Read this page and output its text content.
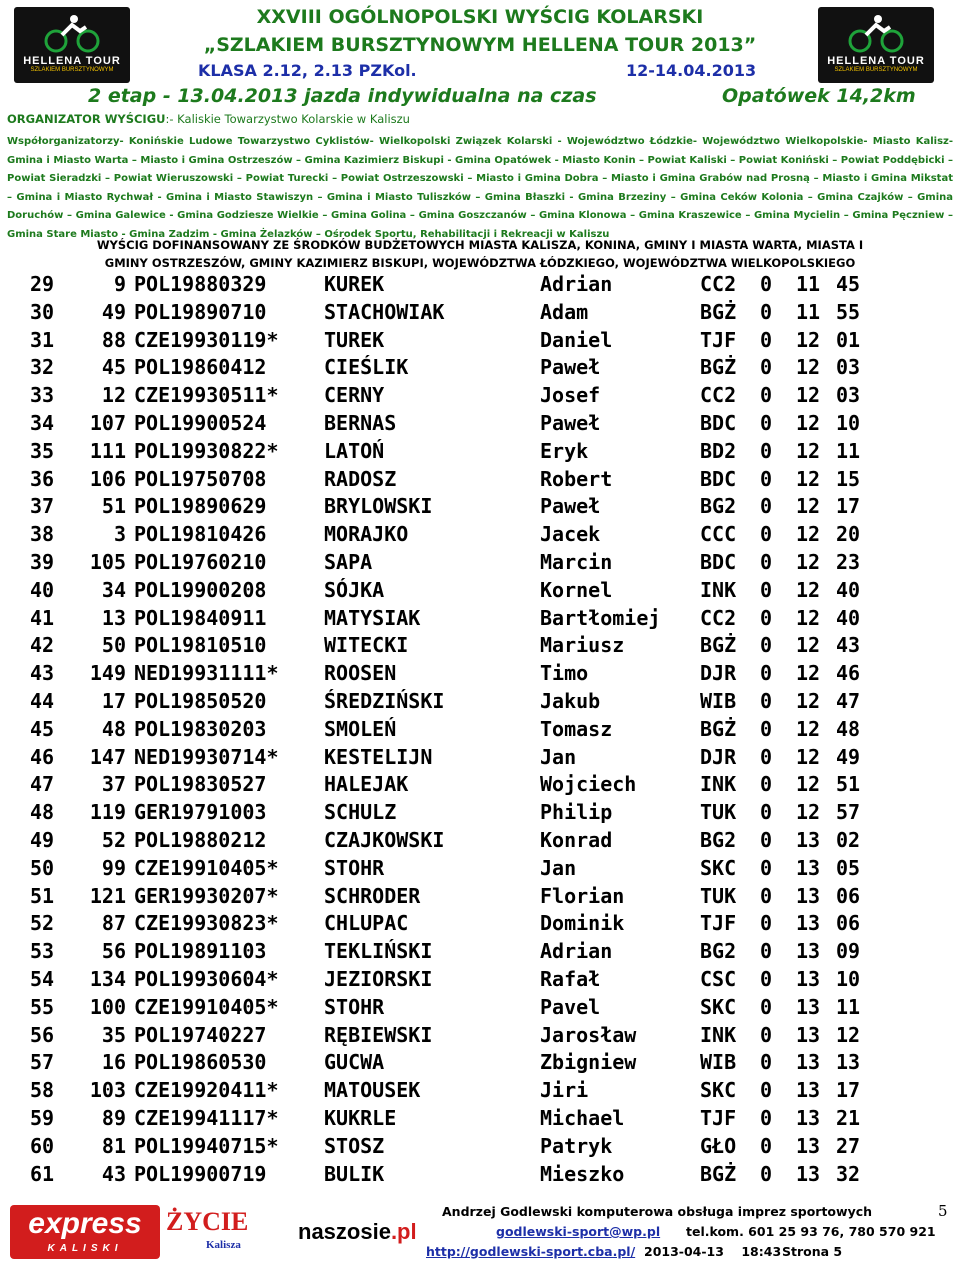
HELLENA TOUR
SZLAKIEM BURSZTYNOWYM
HELLENA TOUR
SZLAKIEM BURSZTYNOWYM
XXVIII OGÓLNOPOLSKI WYŚCIG KOLARSKI
„SZLAKIEM BURSZTYNOWYM HELLENA TOUR 2013”
KLASA 2.12, 2.13 PZKol.	12-14.04.2013
2 etap - 13.04.2013 jazda indywidualna na czas	Opatówek 14,2km
ORGANIZATOR WYŚCIGU:- Kaliskie Towarzystwo Kolarskie w Kaliszu
Współorganizatorzy- Konińskie Ludowe Towarzystwo Cyklistów- Wielkopolski Związek Kolarski - Województwo Łódzkie- Województwo Wielkopolskie- Miasto Kalisz- Gmina i Miasto Warta – Miasto i Gmina Ostrzeszów – Gmina Kazimierz Biskupi - Gmina Opatówek - Miasto Konin – Powiat Kaliski – Powiat Koniński – Powiat Poddębicki – Powiat Sieradzki – Powiat Wieruszowski – Powiat Turecki – Powiat Ostrzeszowski – Miasto i Gmina Dobra – Miasto i Gmina Grabów nad Prosną – Miasto i Gmina Mikstat – Gmina i Miasto Rychwał - Gmina i Miasto Stawiszyn – Gmina i Miasto Tuliszków – Gmina Błaszki - Gmina Brzeziny – Gmina Ceków Kolonia – Gmina Czajków – Gmina Doruchów – Gmina Galewice - Gmina Godziesze Wielkie – Gmina Golina – Gmina Goszczanów – Gmina Klonowa – Gmina Kraszewice – Gmina Mycielin – Gmina Pęczniew – Gmina Stare Miasto - Gmina Zadzim - Gmina Żelazków – Ośrodek Sportu, Rehabilitacji i Rekreacji w Kaliszu
WYŚCIG DOFINANSOWANY ZE ŚRODKÓW BUDŻETOWYCH MIASTA KALISZA, KONINA, GMINY I MIASTA WARTA, MIASTA I
GMINY OSTRZESZÓW, GMINY KAZIMIERZ BISKUPI, WOJEWÓDZTWA ŁÓDZKIEGO, WOJEWÓDZTWA WIELKOPOLSKIEGO
29	9	POL19880329	KUREK	Adrian	CC2	0	11	45
30	49	POL19890710	STACHOWIAK	Adam	BGŻ	0	11	55
31	88	CZE19930119*	TUREK	Daniel	TJF	0	12	01
32	45	POL19860412	CIEŚLIK	Paweł	BGŻ	0	12	03
33	12	CZE19930511*	CERNY	Josef	CC2	0	12	03
34	107	POL19900524	BERNAS	Paweł	BDC	0	12	10
35	111	POL19930822*	LATOŃ	Eryk	BD2	0	12	11
36	106	POL19750708	RADOSZ	Robert	BDC	0	12	15
37	51	POL19890629	BRYLOWSKI	Paweł	BG2	0	12	17
38	3	POL19810426	MORAJKO	Jacek	CCC	0	12	20
39	105	POL19760210	SAPA	Marcin	BDC	0	12	23
40	34	POL19900208	SÓJKA	Kornel	INK	0	12	40
41	13	POL19840911	MATYSIAK	Bartłomiej	CC2	0	12	40
42	50	POL19810510	WITECKI	Mariusz	BGŻ	0	12	43
43	149	NED19931111*	ROOSEN	Timo	DJR	0	12	46
44	17	POL19850520	ŚREDZIŃSKI	Jakub	WIB	0	12	47
45	48	POL19830203	SMOLEŃ	Tomasz	BGŻ	0	12	48
46	147	NED19930714*	KESTELIJN	Jan	DJR	0	12	49
47	37	POL19830527	HALEJAK	Wojciech	INK	0	12	51
48	119	GER19791003	SCHULZ	Philip	TUK	0	12	57
49	52	POL19880212	CZAJKOWSKI	Konrad	BG2	0	13	02
50	99	CZE19910405*	STOHR	Jan	SKC	0	13	05
51	121	GER19930207*	SCHRODER	Florian	TUK	0	13	06
52	87	CZE19930823*	CHLUPAC	Dominik	TJF	0	13	06
53	56	POL19891103	TEKLIŃSKI	Adrian	BG2	0	13	09
54	134	POL19930604*	JEZIORSKI	Rafał	CSC	0	13	10
55	100	CZE19910405*	STOHR	Pavel	SKC	0	13	11
56	35	POL19740227	RĘBIEWSKI	Jarosław	INK	0	13	12
57	16	POL19860530	GUCWA	Zbigniew	WIB	0	13	13
58	103	CZE19920411*	MATOUSEK	Jiri	SKC	0	13	17
59	89	CZE19941117*	KUKRLE	Michael	TJF	0	13	21
60	81	POL19940715*	STOSZ	Patryk	GŁO	0	13	27
61	43	POL19900719	BULIK	Mieszko	BGŻ	0	13	32
express
KALISKI
ŻYCIE
Kalisza
naszosie.pl
Andrzej Godlewski komputerowa obsługa imprez sportowych	5
godlewski-sport@wp.pl tel.kom. 601 25 93 76, 780 570 921
http://godlewski-sport.cba.pl/ 2013-04-13    18:43 Strona 5
